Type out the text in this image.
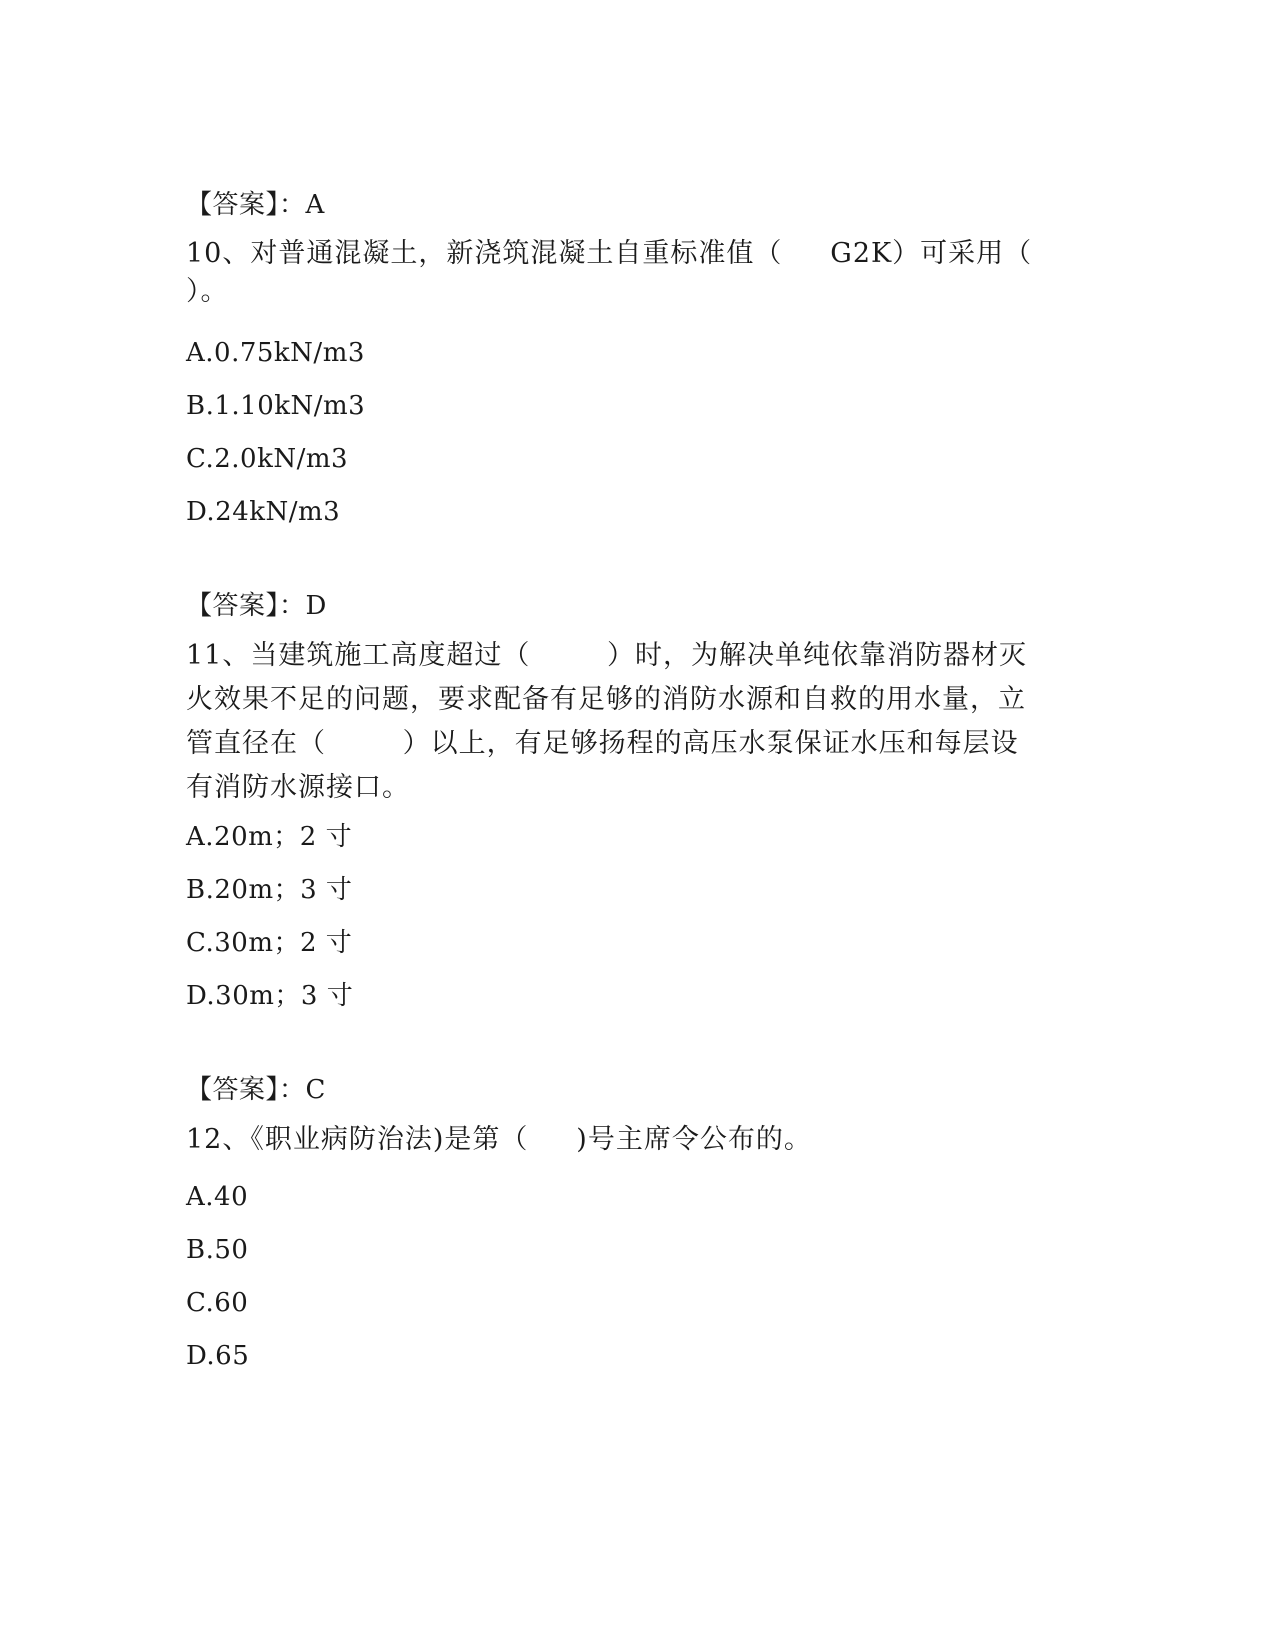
【答案】：A
10、对普通混凝土，新浇筑混凝土自重标准值（     G2K）可采用（
）。
A.0.75kN/m3
B.1.10kN/m3
C.2.0kN/m3
D.24kN/m3
【答案】：D
11、当建筑施工高度超过（        ）时，为解决单纯依靠消防器材灭
火效果不足的问题，要求配备有足够的消防水源和自救的用水量，立
管直径在（        ）以上，有足够扬程的高压水泵保证水压和每层设
有消防水源接口。
A.20m；2 寸
B.20m；3 寸
C.30m；2 寸
D.30m；3 寸
【答案】：C
12、《职业病防治法)是第（     )号主席令公布的。
A.40
B.50
C.60
D.65
